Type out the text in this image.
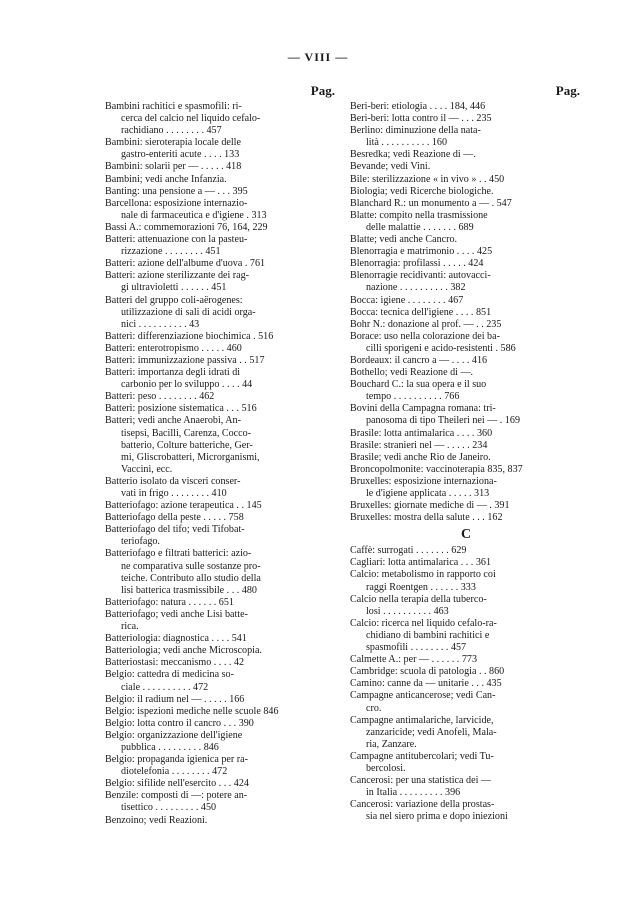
— VIII —
Pag.
Bambini rachitici e spasmofili: ri-
cerca del calcio nel liquido cefalo-
rachidiano . . . . . . . . 457
Bambini: sieroterapia locale delle
gastro-enteriti acute . . . . 133
Bambini: solarii per — . . . . . 418
Bambini; vedi anche Infanzia.
Banting: una pensione a — . . . 395
Barcellona: esposizione internazio-
nale di farmaceutica e d'igiene . 313
Bassi A.: commemorazioni 76, 164, 229
Batteri: attenuazione con la pasteu-
rizzazione . . . . . . . . 451
Batteri: azione dell'albume d'uova . 761
Batteri: azione sterilizzante dei rag-
gi ultravioletti . . . . . . 451
Batteri del gruppo coli-aërogenes:
utilizzazione di sali di acidi orga-
nici . . . . . . . . . . 43
Batteri: differenziazione biochimica . 516
Batteri: enterotropismo . . . . . 460
Batteri: immunizzazione passiva . . 517
Batteri: importanza degli idrati di
carbonio per lo sviluppo . . . . 44
Batteri: peso . . . . . . . . 462
Batteri: posizione sistematica . . . 516
Batteri; vedi anche Anaerobi, An-
tisepsi, Bacilli, Carenza, Cocco-
batterio, Colture batteriche, Ger-
mi, Gliscrobatteri, Microrganismi,
Vaccini, ecc.
Batterio isolato da visceri conser-
vati in frigo . . . . . . . . 410
Batteriofago: azione terapeutica . . 145
Batteriofago della peste . . . . . 758
Batteriofago del tifo; vedi Tifobat-
teriofago.
Batteriofago e filtrati batterici: azio-
ne comparativa sulle sostanze pro-
teiche. Contributo allo studio della
lisi batterica trasmissibile . . . 480
Batteriofago: natura . . . . . . 651
Batteriofago; vedi anche Lisi batte-
rica.
Batteriologia: diagnostica . . . . 541
Batteriologia; vedi anche Microscopia.
Batteriostasi: meccanismo . . . . 42
Belgio: cattedra di medicina so-
ciale . . . . . . . . . . 472
Belgio: il radium nel — . . . . . 166
Belgio: ispezioni mediche nelle scuole 846
Belgio: lotta contro il cancro . . . 390
Belgio: organizzazione dell'igiene
pubblica . . . . . . . . . 846
Belgio: propaganda igienica per ra-
diotelefonia . . . . . . . . 472
Belgio: sifilide nell'esercito . . . 424
Benzile: composti di —: potere an-
tisettico . . . . . . . . . 450
Benzoino; vedi Reazioni.
Pag.
Beri-beri: etiologia . . . . 184, 446
Beri-beri: lotta contro il — . . . 235
Berlino: diminuzione della nata-
lità . . . . . . . . . . 160
Besredka; vedi Reazione di —.
Bevande; vedi Vini.
Bile: sterilizzazione « in vivo » . . 450
Biologia; vedi Ricerche biologiche.
Blanchard R.: un monumento a — . 547
Blatte: compito nella trasmissione
delle malattie . . . . . . . 689
Blatte; vedi anche Cancro.
Blenorragia e matrimonio . . . . 425
Blenorragia: profilassi . . . . . 424
Blenorragie recidivanti: autovacci-
nazione . . . . . . . . . . 382
Bocca: igiene . . . . . . . . 467
Bocca: tecnica dell'igiene . . . . 851
Bohr N.: donazione al prof. — . . 235
Borace: uso nella colorazione dei ba-
cilli sporigeni e acido-resistenti . 586
Bordeaux: il cancro a — . . . . 416
Bothello; vedi Reazione di —.
Bouchard C.: la sua opera e il suo
tempo . . . . . . . . . . 766
Bovini della Campagna romana: tri-
panosoma di tipo Theileri nei — . 169
Brasile: lotta antimalarica . . . . 360
Brasile: stranieri nel — . . . . . 234
Brasile; vedi anche Rio de Janeiro.
Broncopolmonite: vaccinoterapia 835, 837
Bruxelles: esposizione internaziona-
le d'igiene applicata . . . . . 313
Bruxelles: giornate mediche di — . 391
Bruxelles: mostra della salute . . . 162
C
Caffè: surrogati . . . . . . . 629
Cagliari: lotta antimalarica . . . 361
Calcio: metabolismo in rapporto coi
raggi Roentgen . . . . . . 333
Calcio nella terapia della tuberco-
losi . . . . . . . . . . 463
Calcio: ricerca nel liquido cefalo-ra-
chidiano di bambini rachitici e
spasmofili . . . . . . . . 457
Calmette A.: per — . . . . . . 773
Cambridge: scuola di patologia . . 860
Camino: canne da — unitarie . . . 435
Campagne anticancerose; vedi Can-
cro.
Campagne antimalariche, larvicide,
zanzaricide; vedi Anofeli, Mala-
ria, Zanzare.
Campagne antitubercolari; vedi Tu-
bercolosi.
Cancerosi: per una statistica dei —
in Italia . . . . . . . . . 396
Cancerosi: variazione della prostas-
sia nel siero prima e dopo iniezioni
